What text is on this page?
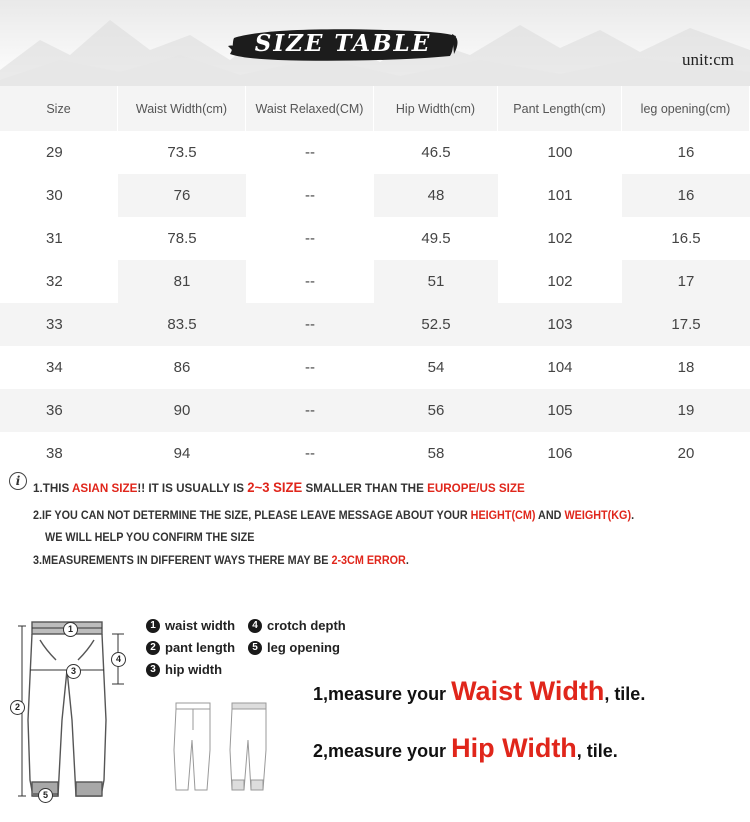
SIZE TABLE
unit:cm
Size	Waist Width(cm)	Waist Relaxed(CM)	Hip Width(cm)	Pant Length(cm)	leg opening(cm)
29	73.5	--	46.5	100	16
30	76	--	48	101	16
31	78.5	--	49.5	102	16.5
32	81	--	51	102	17
33	83.5	--	52.5	103	17.5
34	86	--	54	104	18
36	90	--	56	105	19
38	94	--	58	106	20
i	1.THIS ASIAN SIZE!! IT IS USUALLY IS 2~3 SIZE SMALLER THAN THE EUROPE/US SIZE
2.IF YOU CAN NOT DETERMINE THE SIZE, PLEASE LEAVE MESSAGE ABOUT YOUR HEIGHT(CM) AND WEIGHT(KG).
WE WILL HELP YOU CONFIRM THE SIZE
3.MEASUREMENTS IN DIFFERENT WAYS THERE MAY BE 2-3CM ERROR.
1
4
3
2
5
1 waist width	4 crotch depth
2 pant length	5 leg opening
3 hip width
1,measure your Waist Width, tile.
2,measure your Hip Width, tile.
